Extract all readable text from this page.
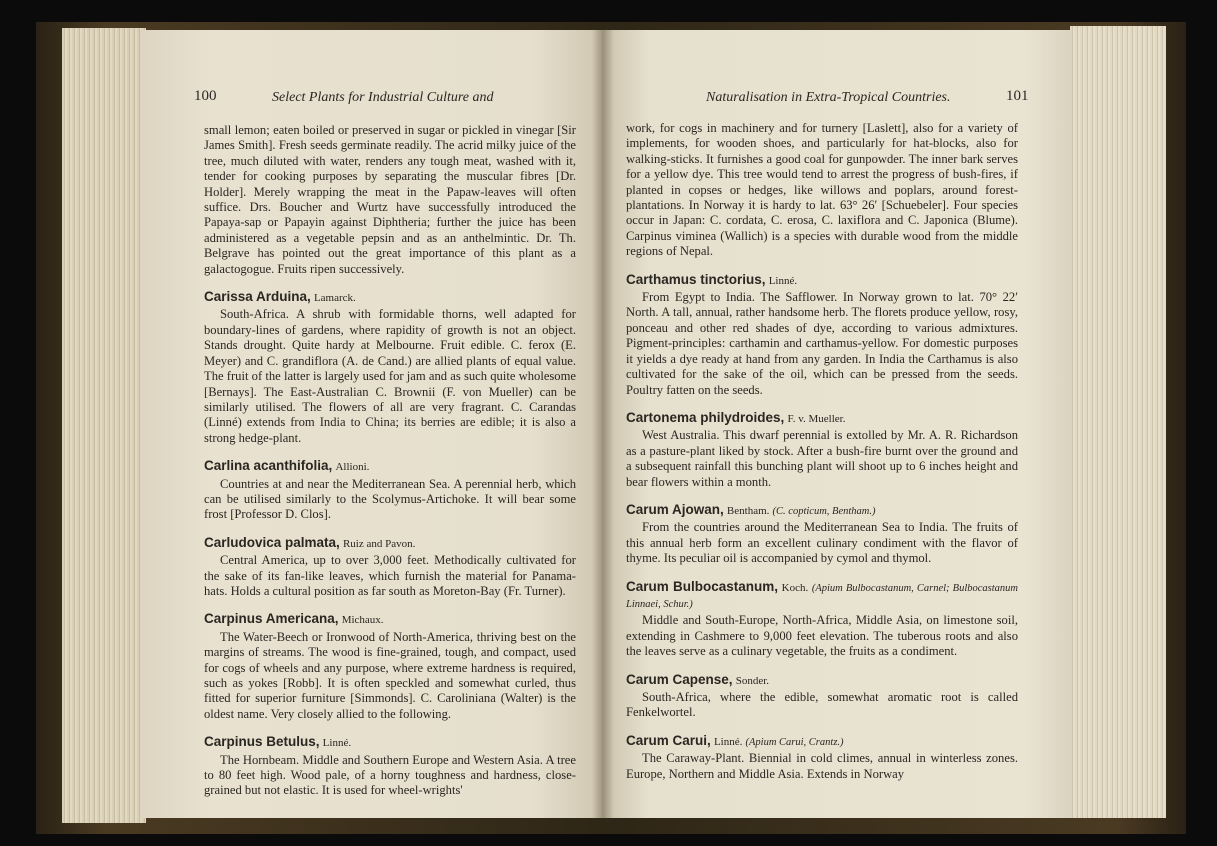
100	Select Plants for Industrial Culture and

small lemon; eaten boiled or preserved in sugar or pickled in vinegar [Sir James Smith]. Fresh seeds germinate readily. The acrid milky juice of the tree, much diluted with water, renders any tough meat, washed with it, tender for cooking purposes by separating the muscular fibres [Dr. Holder]. Merely wrapping the meat in the Papaw-leaves will often suffice. Drs. Boucher and Wurtz have successfully introduced the Papaya-sap or Papayin against Diphtheria; further the juice has been administered as a vegetable pepsin and as an anthelmintic. Dr. Th. Belgrave has pointed out the great importance of this plant as a galactogogue. Fruits ripen successively.

Carissa Arduina, Lamarck.

South-Africa. A shrub with formidable thorns, well adapted for boundary-lines of gardens, where rapidity of growth is not an object. Stands drought. Quite hardy at Melbourne. Fruit edible. C. ferox (E. Meyer) and C. grandiflora (A. de Cand.) are allied plants of equal value. The fruit of the latter is largely used for jam and as such quite wholesome [Bernays]. The East-Australian C. Brownii (F. von Mueller) can be similarly utilised. The flowers of all are very fragrant. C. Carandas (Linné) extends from India to China; its berries are edible; it is also a strong hedge-plant.

Carlina acanthifolia, Allioni.

Countries at and near the Mediterranean Sea. A perennial herb, which can be utilised similarly to the Scolymus-Artichoke. It will bear some frost [Professor D. Clos].

Carludovica palmata, Ruiz and Pavon.

Central America, up to over 3,000 feet. Methodically cultivated for the sake of its fan-like leaves, which furnish the material for Panama-hats. Holds a cultural position as far south as Moreton-Bay (Fr. Turner).

Carpinus Americana, Michaux.

The Water-Beech or Ironwood of North-America, thriving best on the margins of streams. The wood is fine-grained, tough, and compact, used for cogs of wheels and any purpose, where extreme hardness is required, such as yokes [Robb]. It is often speckled and somewhat curled, thus fitted for superior furniture [Simmonds]. C. Caroliniana (Walter) is the oldest name. Very closely allied to the following.

Carpinus Betulus, Linné.

The Hornbeam. Middle and Southern Europe and Western Asia. A tree to 80 feet high. Wood pale, of a horny toughness and hardness, close-grained but not elastic. It is used for wheel-wrights'

Naturalisation in Extra-Tropical Countries.	101

work, for cogs in machinery and for turnery [Laslett], also for a variety of implements, for wooden shoes, and particularly for hat-blocks, also for walking-sticks. It furnishes a good coal for gunpowder. The inner bark serves for a yellow dye. This tree would tend to arrest the progress of bush-fires, if planted in copses or hedges, like willows and poplars, around forest-plantations. In Norway it is hardy to lat. 63° 26′ [Schuebeler]. Four species occur in Japan: C. cordata, C. erosa, C. laxiflora and C. Japonica (Blume). Carpinus viminea (Wallich) is a species with durable wood from the middle regions of Nepal.

Carthamus tinctorius, Linné.

From Egypt to India. The Safflower. In Norway grown to lat. 70° 22′ North. A tall, annual, rather handsome herb. The florets produce yellow, rosy, ponceau and other red shades of dye, according to various admixtures. Pigment-principles: carthamin and carthamus-yellow. For domestic purposes it yields a dye ready at hand from any garden. In India the Carthamus is also cultivated for the sake of the oil, which can be pressed from the seeds. Poultry fatten on the seeds.

Cartonema philydroides, F. v. Mueller.

West Australia. This dwarf perennial is extolled by Mr. A. R. Richardson as a pasture-plant liked by stock. After a bush-fire burnt over the ground and a subsequent rainfall this bunching plant will shoot up to 6 inches height and bear flowers within a month.

Carum Ajowan, Bentham. (C. copticum, Bentham.)

From the countries around the Mediterranean Sea to India. The fruits of this annual herb form an excellent culinary condiment with the flavor of thyme. Its peculiar oil is accompanied by cymol and thymol.

Carum Bulbocastanum, Koch. (Apium Bulbocastanum, Carnel; Bulbocastanum Linnaei, Schur.)

Middle and South-Europe, North-Africa, Middle Asia, on limestone soil, extending in Cashmere to 9,000 feet elevation. The tuberous roots and also the leaves serve as a culinary vegetable, the fruits as a condiment.

Carum Capense, Sonder.

South-Africa, where the edible, somewhat aromatic root is called Fenkelwortel.

Carum Carui, Linné. (Apium Carui, Crantz.)

The Caraway-Plant. Biennial in cold climes, annual in winterless zones. Europe, Northern and Middle Asia. Extends in Norway
